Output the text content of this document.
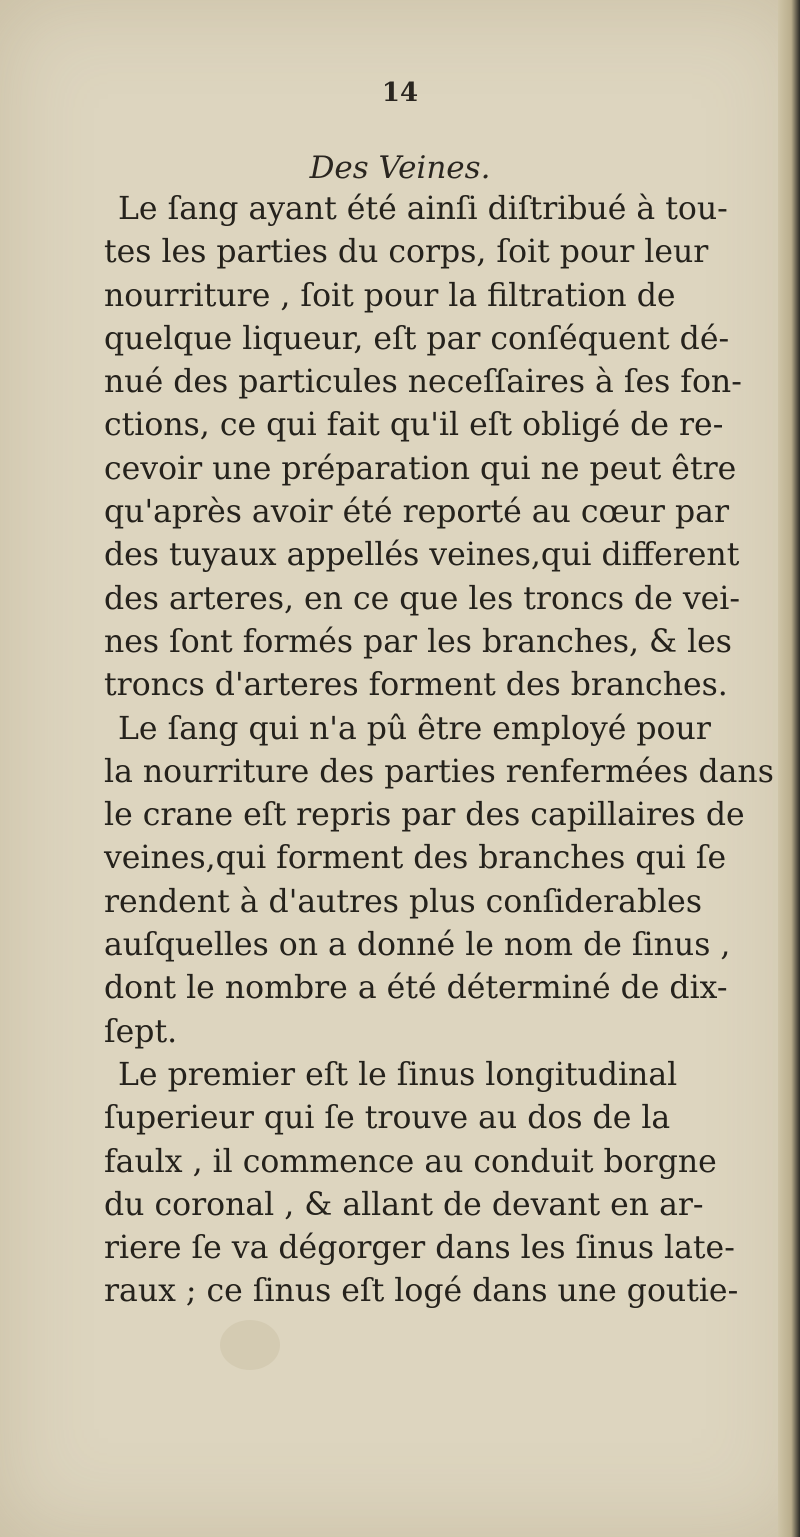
14
Des Veines.
Le ſang ayant été ainſi diſtribué à tou-
tes les parties du corps, ſoit pour leur
nourriture , ſoit pour la filtration de
quelque liqueur, eſt par conſéquent dé-
nué des particules neceſſaires à ſes fon-
ctions, ce qui fait qu'il eſt obligé de re-
cevoir une préparation qui ne peut être
qu'après avoir été reporté au cœur par
des tuyaux appellés veines,qui different
des arteres, en ce que les troncs de vei-
nes ſont formés par les branches, & les
troncs d'arteres forment des branches.
Le ſang qui n'a pû être employé pour
la nourriture des parties renfermées dans
le crane eſt repris par des capillaires de
veines,qui forment des branches qui ſe
rendent à d'autres plus conſiderables
auſquelles on a donné le nom de ſinus ,
dont le nombre a été déterminé de dix-
ſept.
Le premier eſt le ſinus longitudinal
ſuperieur qui ſe trouve au dos de la
faulx , il commence au conduit borgne
du coronal , & allant de devant en ar-
riere ſe va dégorger dans les ſinus late-
raux ; ce ſinus eſt logé dans une goutie-
